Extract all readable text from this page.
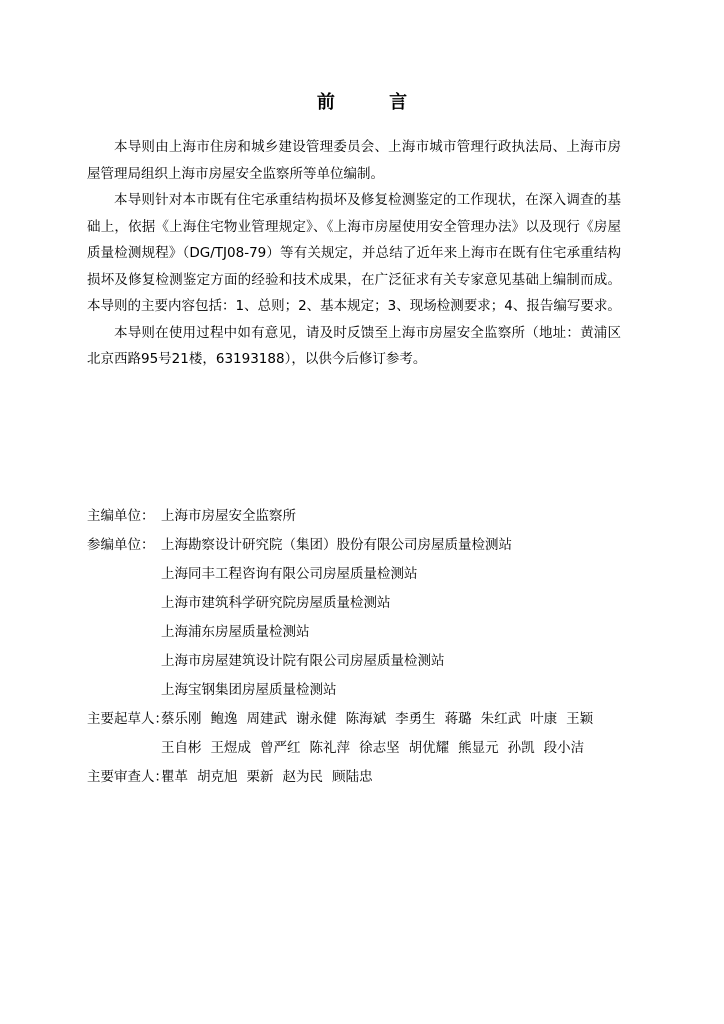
前 言

本导则由上海市住房和城乡建设管理委员会、上海市城市管理行政执法局、上海市房屋管理局组织上海市房屋安全监察所等单位编制。

本导则针对本市既有住宅承重结构损坏及修复检测鉴定的工作现状，在深入调查的基础上，依据《上海住宅物业管理规定》、《上海市房屋使用安全管理办法》以及现行《房屋质量检测规程》（DG/TJ08-79）等有关规定，并总结了近年来上海市在既有住宅承重结构损坏及修复检测鉴定方面的经验和技术成果，在广泛征求有关专家意见基础上编制而成。本导则的主要内容包括：1、总则；2、基本规定；3、现场检测要求；4、报告编写要求。

本导则在使用过程中如有意见，请及时反馈至上海市房屋安全监察所（地址：黄浦区北京西路95号21楼，63193188），以供今后修订参考。

主编单位： 上海市房屋安全监察所
参编单位： 上海勘察设计研究院（集团）股份有限公司房屋质量检测站
上海同丰工程咨询有限公司房屋质量检测站
上海市建筑科学研究院房屋质量检测站
上海浦东房屋质量检测站
上海市房屋建筑设计院有限公司房屋质量检测站
上海宝钢集团房屋质量检测站
主要起草人：
蔡乐刚 鲍逸 周建武 谢永健 陈海斌 李勇生 蒋璐 朱红武 叶康 王颖
王自彬 王煜成 曾严红 陈礼萍 徐志坚 胡优耀 熊显元 孙凯 段小洁
主要审查人：
瞿革 胡克旭 栗新 赵为民 顾陆忠
